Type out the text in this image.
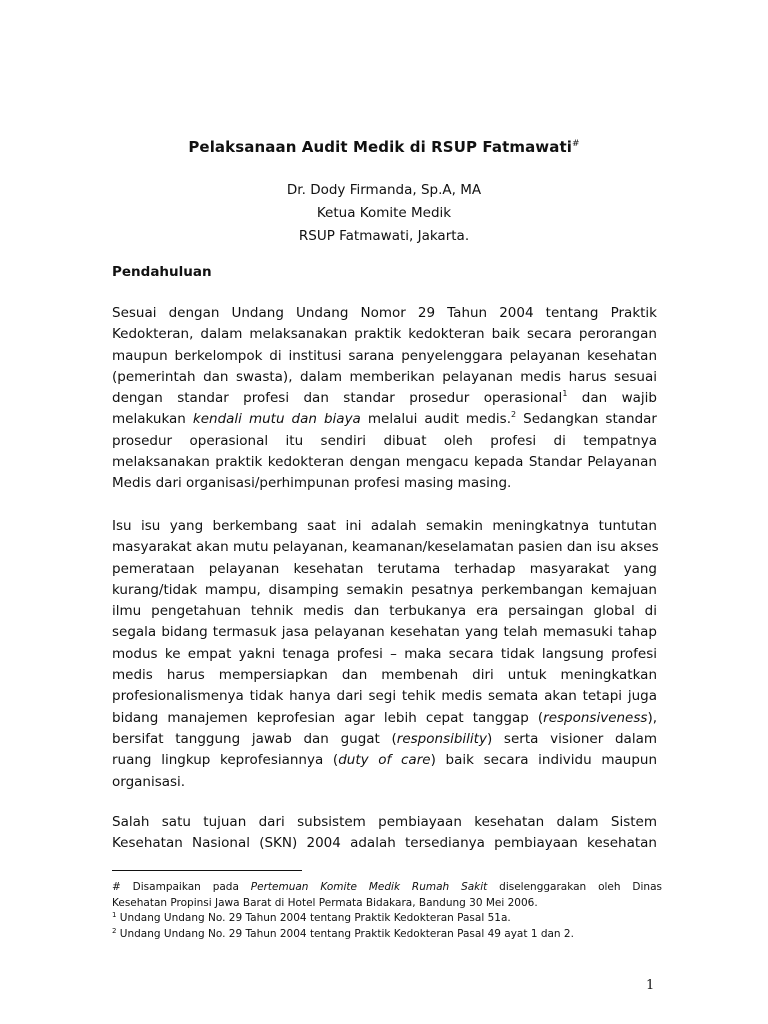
Pelaksanaan Audit Medik di RSUP Fatmawati#
Dr. Dody Firmanda, Sp.A, MA
Ketua Komite Medik
RSUP Fatmawati, Jakarta.
Pendahuluan
Sesuai dengan Undang Undang Nomor 29 Tahun 2004 tentang Praktik
Kedokteran, dalam melaksanakan praktik kedokteran baik secara perorangan
maupun berkelompok di institusi sarana penyelenggara pelayanan kesehatan
(pemerintah dan swasta), dalam memberikan pelayanan medis harus sesuai
dengan standar profesi dan standar prosedur operasional$^1$ dan wajib
melakukan kendali mutu dan biaya melalui audit medis.$^2$ Sedangkan standar
prosedur operasional itu sendiri dibuat oleh profesi di tempatnya
melaksanakan praktik kedokteran dengan mengacu kepada Standar Pelayanan
Medis dari organisasi/perhimpunan profesi masing masing.
Isu isu yang berkembang saat ini adalah semakin meningkatnya tuntutan
masyarakat akan mutu pelayanan, keamanan/keselamatan pasien dan isu akses
pemerataan pelayanan kesehatan terutama terhadap masyarakat yang
kurang/tidak mampu, disamping semakin pesatnya perkembangan kemajuan
ilmu pengetahuan tehnik medis dan terbukanya era persaingan global di
segala bidang termasuk jasa pelayanan kesehatan yang telah memasuki tahap
modus ke empat yakni tenaga profesi – maka secara tidak langsung profesi
medis harus mempersiapkan dan membenah diri untuk meningkatkan
profesionalismenya tidak hanya dari segi tehik medis semata akan tetapi juga
bidang manajemen keprofesian agar lebih cepat tanggap (responsiveness),
bersifat tanggung jawab dan gugat (responsibility) serta visioner dalam
ruang lingkup keprofesiannya (duty of care) baik secara individu maupun
organisasi.
Salah satu tujuan dari subsistem pembiayaan kesehatan dalam Sistem
Kesehatan Nasional (SKN) 2004 adalah tersedianya pembiayaan kesehatan
# Disampaikan pada Pertemuan Komite Medik Rumah Sakit diselenggarakan oleh Dinas
Kesehatan Propinsi Jawa Barat di Hotel Permata Bidakara, Bandung 30 Mei 2006.
$^1$ Undang Undang No. 29 Tahun 2004 tentang Praktik Kedokteran Pasal 51a.
$^2$ Undang Undang No. 29 Tahun 2004 tentang Praktik Kedokteran Pasal 49 ayat 1 dan 2.
1
